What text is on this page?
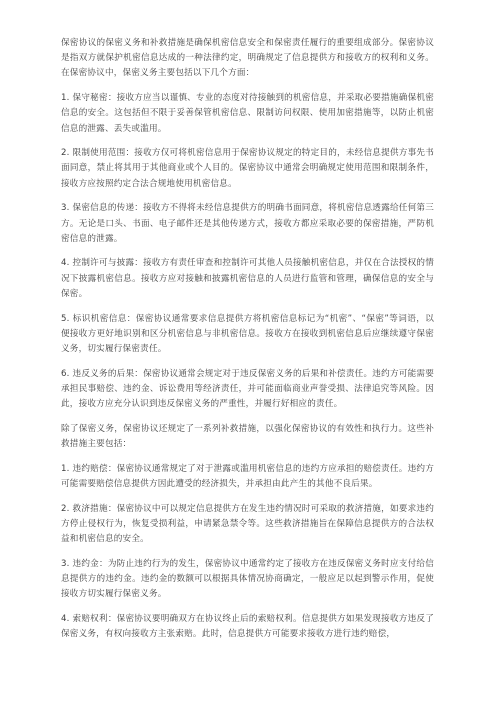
保密协议的保密义务和补救措施是确保机密信息安全和保密责任履行的重要组成部分。保密协议是指双方就保护机密信息达成的一种法律约定，明确规定了信息提供方和接收方的权利和义务。在保密协议中，保密义务主要包括以下几个方面：

1. 保守秘密：接收方应当以谨慎、专业的态度对待接触到的机密信息，并采取必要措施确保机密信息的安全。这包括但不限于妥善保管机密信息、限制访问权限、使用加密措施等，以防止机密信息的泄露、丢失或滥用。

2. 限制使用范围：接收方仅可将机密信息用于保密协议规定的特定目的，未经信息提供方事先书面同意，禁止将其用于其他商业或个人目的。保密协议中通常会明确规定使用范围和限制条件，接收方应按照约定合法合规地使用机密信息。

3. 保密信息的传递：接收方不得将未经信息提供方的明确书面同意，将机密信息透露给任何第三方。无论是口头、书面、电子邮件还是其他传递方式，接收方都应采取必要的保密措施，严防机密信息的泄露。

4. 控制许可与披露：接收方有责任审查和控制许可其他人员接触机密信息，并仅在合法授权的情况下披露机密信息。接收方应对接触和披露机密信息的人员进行监管和管理，确保信息的安全与保密。

5. 标识机密信息：保密协议通常要求信息提供方将机密信息标记为“机密”、“保密”等词语，以便接收方更好地识别和区分机密信息与非机密信息。接收方在接收到机密信息后应继续遵守保密义务，切实履行保密责任。

6. 违反义务的后果：保密协议通常会规定对于违反保密义务的后果和补偿责任。违约方可能需要承担民事赔偿、违约金、诉讼费用等经济责任，并可能面临商业声誉受损、法律追究等风险。因此，接收方应充分认识到违反保密义务的严重性，并履行好相应的责任。

除了保密义务，保密协议还规定了一系列补救措施，以强化保密协议的有效性和执行力。这些补救措施主要包括：

1. 违约赔偿：保密协议通常规定了对于泄露或滥用机密信息的违约方应承担的赔偿责任。违约方可能需要赔偿信息提供方因此遭受的经济损失，并承担由此产生的其他不良后果。

2. 救济措施：保密协议中可以规定信息提供方在发生违约情况时可采取的救济措施，如要求违约方停止侵权行为，恢复受损利益，申请紧急禁令等。这些救济措施旨在保障信息提供方的合法权益和机密信息的安全。

3. 违约金：为防止违约行为的发生，保密协议中通常约定了接收方在违反保密义务时应支付给信息提供方的违约金。违约金的数额可以根据具体情况协商确定，一般应足以起到警示作用，促使接收方切实履行保密义务。

4. 索赔权利：保密协议要明确双方在协议终止后的索赔权利。信息提供方如果发现接收方违反了保密义务，有权向接收方主张索赔。此时，信息提供方可能要求接收方进行违约赔偿，
